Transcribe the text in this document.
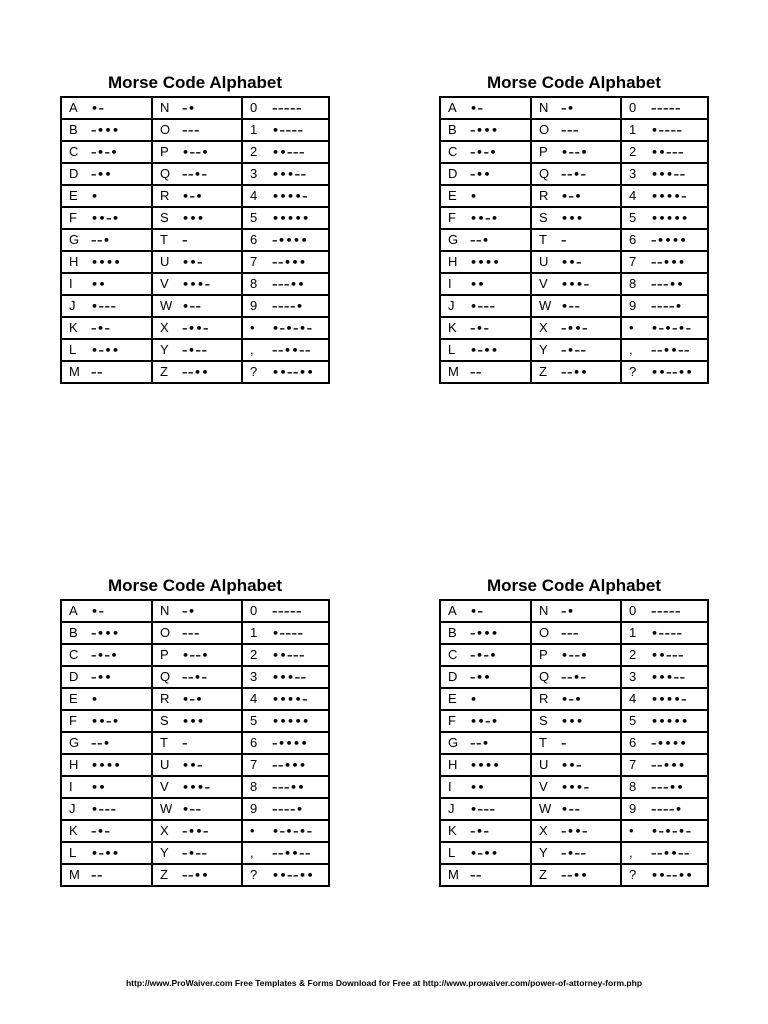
Morse Code Alphabet
A •–	N –•	0 –––––
B –•••	O –––	1 •––––
C –•–•	P •––•	2 ••–––
D –••	Q ––•–	3 •••––
E •	R •–•	4 ••••–
F ••–•	S •••	5 •••••
G ––•	T –	6 –••••
H ••••	U ••–	7 ––•••
I ••	V •••–	8 –––••
J •–––	W •––	9 ––––•
K –•–	X –••–	• •–•–•–
L •–••	Y –•––	, ––••––
M ––	Z ––••	? ••––••
Morse Code Alphabet
A •–	N –•	0 –––––
B –•••	O –––	1 •––––
C –•–•	P •––•	2 ••–––
D –••	Q ––•–	3 •••––
E •	R •–•	4 ••••–
F ••–•	S •••	5 •••••
G ––•	T –	6 –••••
H ••••	U ••–	7 ––•••
I ••	V •••–	8 –––••
J •–––	W •––	9 ––––•
K –•–	X –••–	• •–•–•–
L •–••	Y –•––	, ––••––
M ––	Z ––••	? ••––••
Morse Code Alphabet
A •–	N –•	0 –––––
B –•••	O –––	1 •––––
C –•–•	P •––•	2 ••–––
D –••	Q ––•–	3 •••––
E •	R •–•	4 ••••–
F ••–•	S •••	5 •••••
G ––•	T –	6 –••••
H ••••	U ••–	7 ––•••
I ••	V •••–	8 –––••
J •–––	W •––	9 ––––•
K –•–	X –••–	• •–•–•–
L •–••	Y –•––	, ––••––
M ––	Z ––••	? ••––••
Morse Code Alphabet
A •–	N –•	0 –––––
B –•••	O –––	1 •––––
C –•–•	P •––•	2 ••–––
D –••	Q ––•–	3 •••––
E •	R •–•	4 ••••–
F ••–•	S •••	5 •••••
G ––•	T –	6 –••••
H ••••	U ••–	7 ––•••
I ••	V •••–	8 –––••
J •–––	W •––	9 ––––•
K –•–	X –••–	• •–•–•–
L •–••	Y –•––	, ––••––
M ––	Z ––••	? ••––••
http://www.ProWaiver.com Free Templates & Forms Download for Free at http://www.prowaiver.com/power-of-attorney-form.php
